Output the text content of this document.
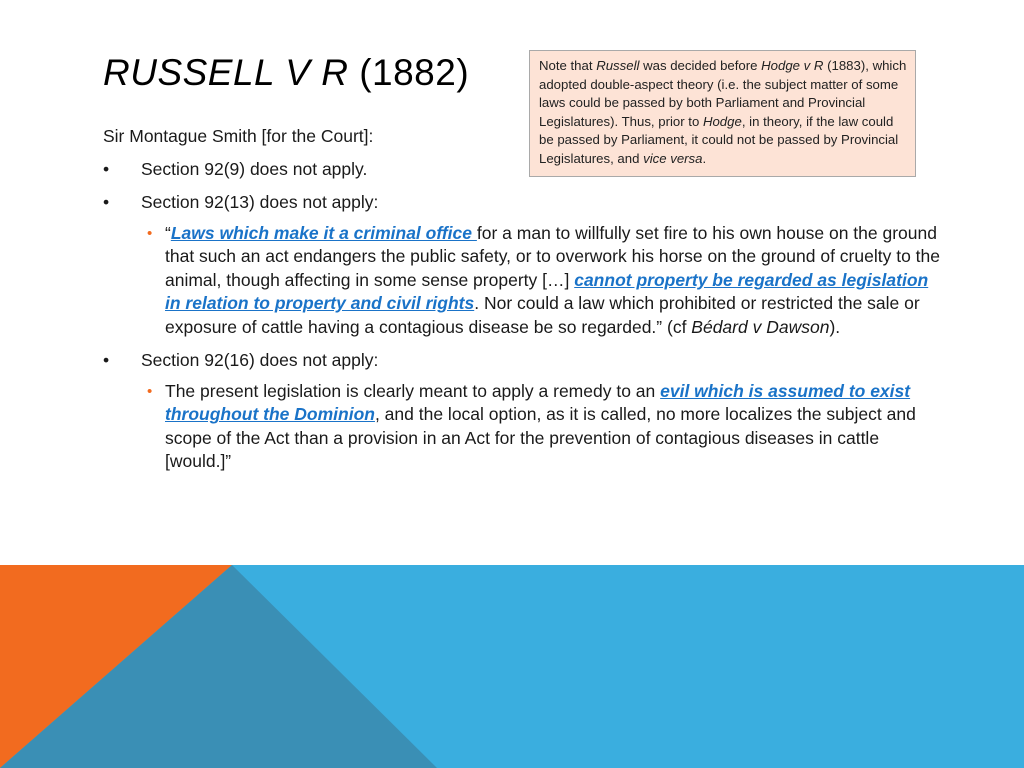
RUSSELL V R (1882)	Note that Russell was decided before Hodge v R (1883), which adopted double-aspect theory (i.e. the subject matter of some laws could be passed by both Parliament and Provincial Legislatures). Thus, prior to Hodge, in theory, if the law could be passed by Parliament, it could not be passed by Provincial Legislatures, and vice versa.
Sir Montague Smith [for the Court]:
• Section 92(9) does not apply.
• Section 92(13) does not apply:
• “Laws which make it a criminal office for a man to willfully set fire to his own house on the ground that such an act endangers the public safety, or to overwork his horse on the ground of cruelty to the animal, though affecting in some sense property […] cannot property be regarded as legislation in relation to property and civil rights. Nor could a law which prohibited or restricted the sale or exposure of cattle having a contagious disease be so regarded.” (cf Bédard v Dawson).
• Section 92(16) does not apply:
• The present legislation is clearly meant to apply a remedy to an evil which is assumed to exist throughout the Dominion, and the local option, as it is called, no more localizes the subject and scope of the Act than a provision in an Act for the prevention of contagious diseases in cattle [would.]”
